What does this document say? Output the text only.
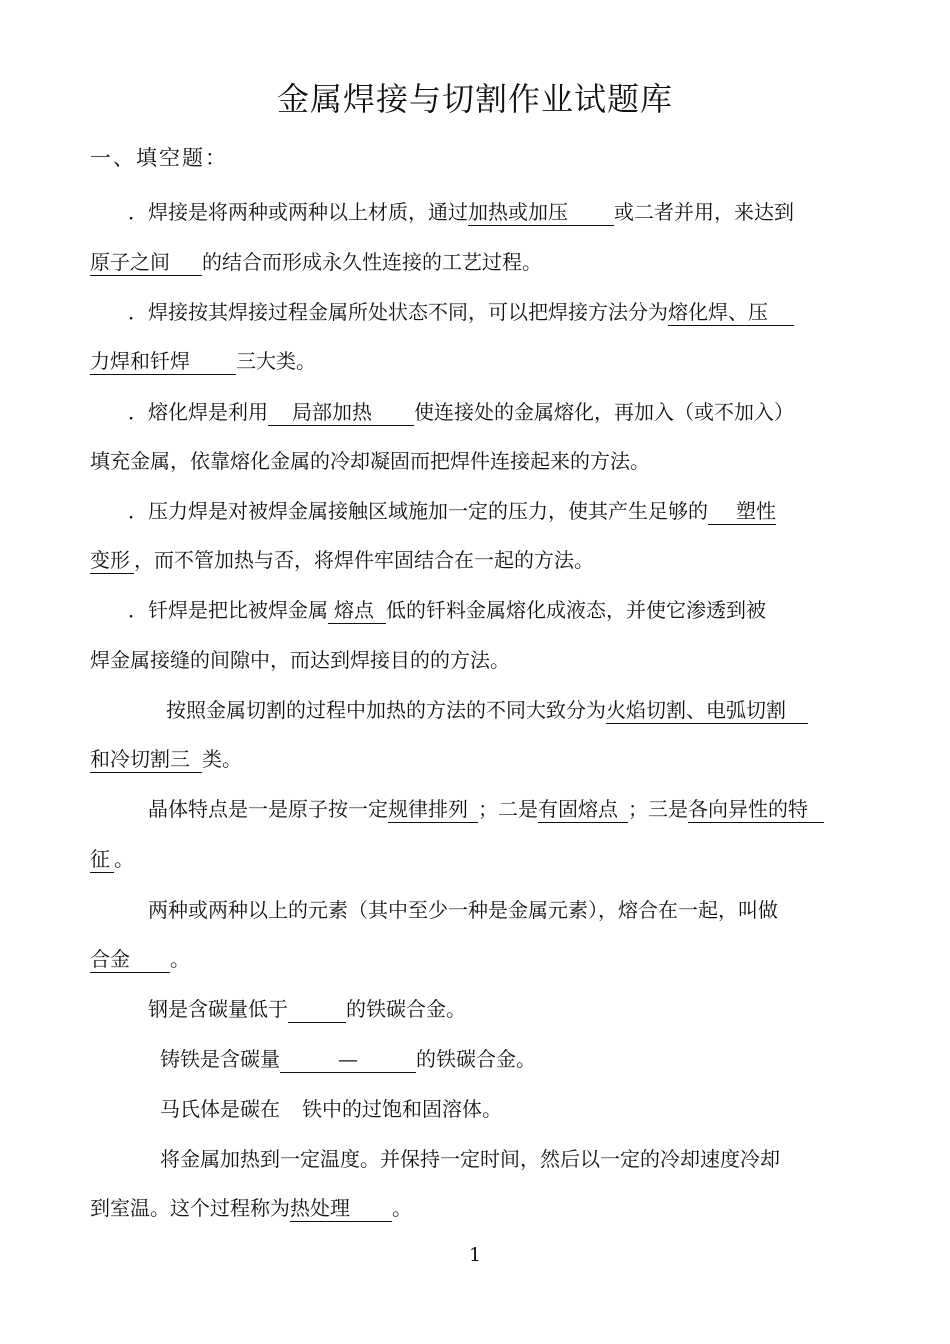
金属焊接与切割作业试题库
一、填空题：
．焊接是将两种或两种以上材质，通过加热或加压 或二者并用，来达到
原子之间 的结合而形成永久性连接的工艺过程。
．焊接按其焊接过程金属所处状态不同，可以把焊接方法分为熔化焊、压
力焊和钎焊 三大类。
．熔化焊是利用 局部加热 使连接处的金属熔化，再加入（或不加入）
填充金属，依靠熔化金属的冷却凝固而把焊件连接起来的方法。
．压力焊是对被焊金属接触区域施加一定的压力，使其产生足够的 塑性
变形 ，而不管加热与否，将焊件牢固结合在一起的方法。
．钎焊是把比被焊金属 熔点 低的钎料金属熔化成液态，并使它渗透到被
焊金属接缝的间隙中，而达到焊接目的的方法。
按照金属切割的过程中加热的方法的不同大致分为火焰切割、电弧切割
和冷切割三 类。
晶体特点是一是原子按一定规律排列 ；二是有固熔点 ；三是各向异性的特
征 。
两种或两种以上的元素（其中至少一种是金属元素），熔合在一起，叫做
合金 。
钢是含碳量低于	的铁碳合金。
铸铁是含碳量	—	的铁碳合金。
马氏体是碳在 铁中的过饱和固溶体。
将金属加热到一定温度。并保持一定时间，然后以一定的冷却速度冷却
到室温。这个过程称为热处理 。
1
